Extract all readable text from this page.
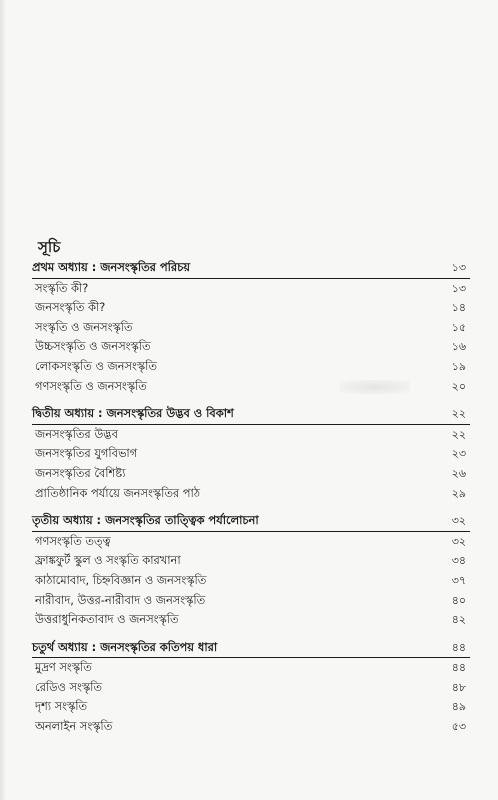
সূচি
প্রথম অধ্যায় : জনসংস্কৃতির পরিচয়	১৩
সংস্কৃতি কী?	১৩
জনসংস্কৃতি কী?	১৪
সংস্কৃতি ও জনসংস্কৃতি	১৫
উচ্চসংস্কৃতি ও জনসংস্কৃতি	১৬
লোকসংস্কৃতি ও জনসংস্কৃতি	১৯
গণসংস্কৃতি ও জনসংস্কৃতি	২০
দ্বিতীয় অধ্যায় : জনসংস্কৃতির উদ্ভব ও বিকাশ	২২
জনসংস্কৃতির উদ্ভব	২২
জনসংস্কৃতির যুগবিভাগ	২৩
জনসংস্কৃতির বৈশিষ্ট্য	২৬
প্রাতিষ্ঠানিক পর্যায়ে জনসংস্কৃতির পাঠ	২৯
তৃতীয় অধ্যায় : জনসংস্কৃতির তাত্ত্বিক পর্যালোচনা	৩২
গণসংস্কৃতি তত্ত্ব	৩২
ফ্রাঙ্কফুর্ট স্কুল ও সংস্কৃতি কারখানা	৩৪
কাঠামোবাদ, চিহ্নবিজ্ঞান ও জনসংস্কৃতি	৩৭
নারীবাদ, উত্তর-নারীবাদ ও জনসংস্কৃতি	৪০
উত্তরাধুনিকতাবাদ ও জনসংস্কৃতি	৪২
চতুর্থ অধ্যায় : জনসংস্কৃতির কতিপয় ধারা	৪৪
মুদ্রণ সংস্কৃতি	৪৪
রেডিও সংস্কৃতি	৪৮
দৃশ্য সংস্কৃতি	৪৯
অনলাইন সংস্কৃতি	৫৩
